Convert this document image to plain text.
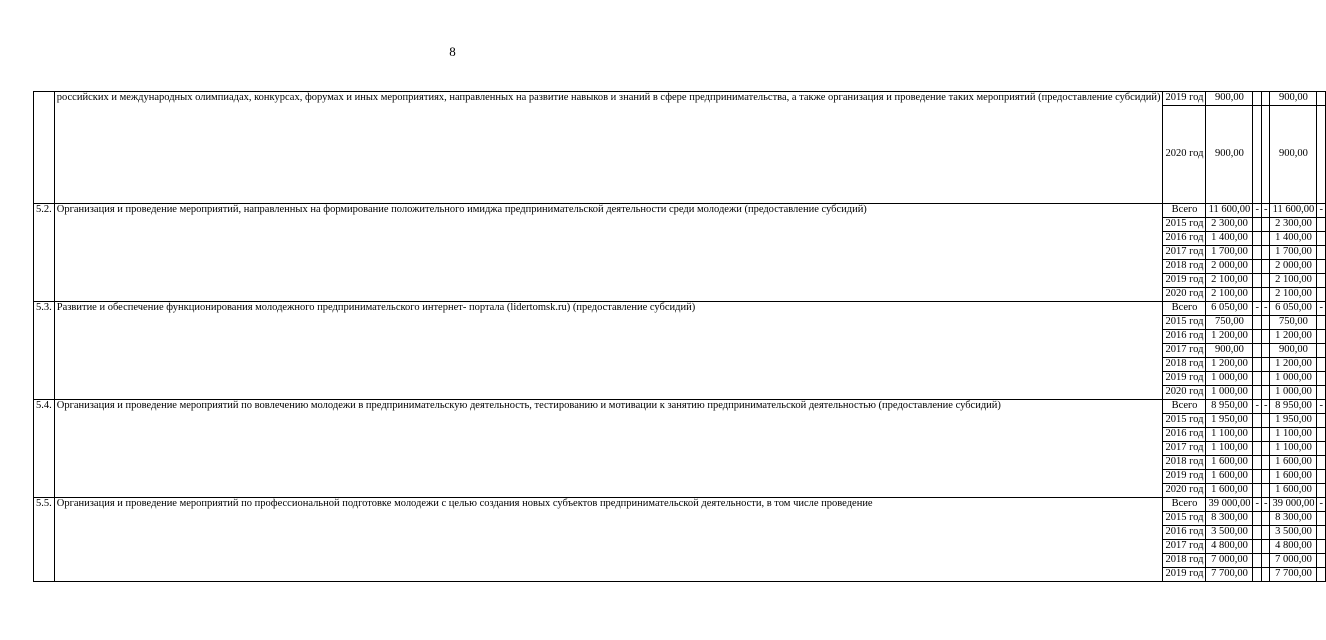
8
	российских и международных олимпиадах, конкурсах, форумах и иных мероприятиях, направленных на развитие навыков и знаний в сфере предпринимательства, а также организация и проведение таких мероприятий (предоставление субсидий)	2019 год	900,00			900,00	
		2020 год	900,00			900,00	
5.2.	Организация и проведение мероприятий, направленных на формирование положительного имиджа предпринимательской деятельности среди молодежи (предоставление субсидий)	Всего	11 600,00	-	-	11 600,00	-
		2015 год	2 300,00			2 300,00	
		2016 год	1 400,00			1 400,00	
		2017 год	1 700,00			1 700,00	
		2018 год	2 000,00			2 000,00	
		2019 год	2 100,00			2 100,00	
		2020 год	2 100,00			2 100,00	
5.3.	Развитие и обеспечение функционирования молодежного предпринимательского интернет- портала (lidertomsk.ru) (предоставление субсидий)	Всего	6 050,00	-	-	6 050,00	-
		2015 год	750,00			750,00	
		2016 год	1 200,00			1 200,00	
		2017 год	900,00			900,00	
		2018 год	1 200,00			1 200,00	
		2019 год	1 000,00			1 000,00	
		2020 год	1 000,00			1 000,00	
5.4.	Организация и проведение мероприятий по вовлечению молодежи в предпринимательскую деятельность, тестированию и мотивации к занятию предпринимательской деятельностью (предоставление субсидий)	Всего	8 950,00	-	-	8 950,00	-
		2015 год	1 950,00			1 950,00	
		2016 год	1 100,00			1 100,00	
		2017 год	1 100,00			1 100,00	
		2018 год	1 600,00			1 600,00	
		2019 год	1 600,00			1 600,00	
		2020 год	1 600,00			1 600,00	
5.5.	Организация и проведение мероприятий по профессиональной подготовке молодежи с целью создания новых субъектов предпринимательской деятельности, в том числе проведение	Всего	39 000,00	-	-	39 000,00	-
		2015 год	8 300,00			8 300,00	
		2016 год	3 500,00			3 500,00	
		2017 год	4 800,00			4 800,00	
		2018 год	7 000,00			7 000,00	
		2019 год	7 700,00			7 700,00	
